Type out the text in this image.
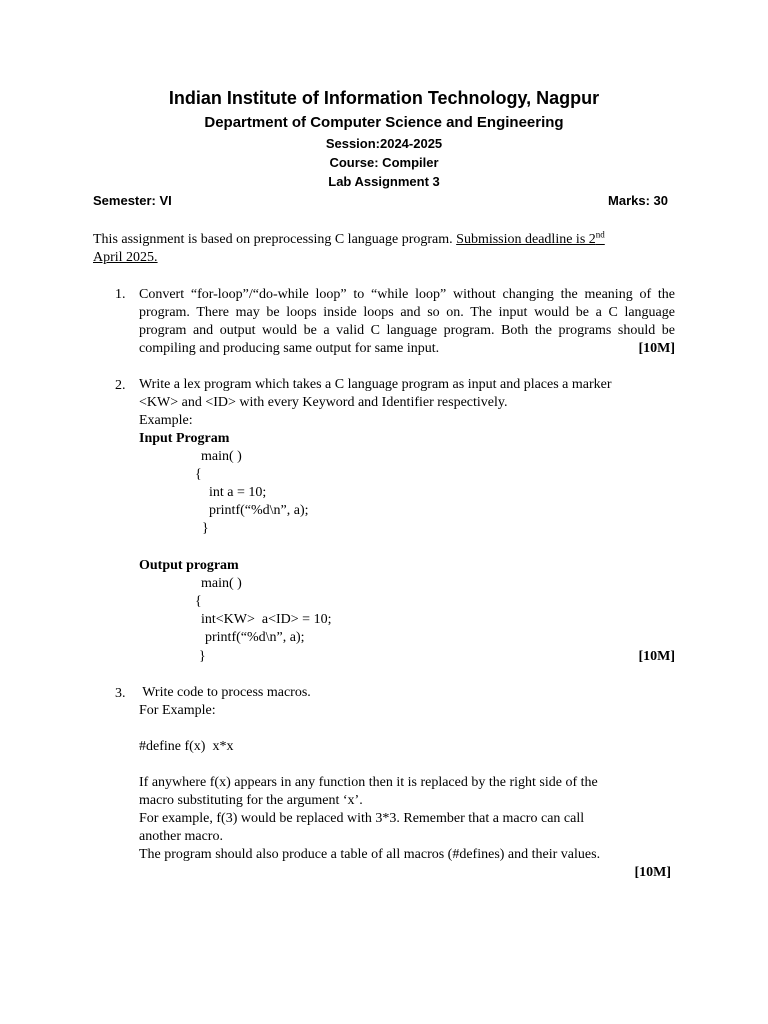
Indian Institute of Information Technology, Nagpur
Department of Computer Science and Engineering
Session:2024-2025
Course: Compiler
Lab Assignment 3
Semester: VI	Marks: 30
This assignment is based on preprocessing C language program. Submission deadline is 2nd
April 2025.
1. Convert “for-loop”/“do-while loop” to “while loop” without changing the meaning of the program. There may be loops inside loops and so on. The input would be a C language program and output would be a valid C language program. Both the programs should be compiling and producing same output for same input.	[10M]
2. Write a lex program which takes a C language program as input and places a marker
<KW> and <ID> with every Keyword and Identifier respectively.
Example:
Input Program
main( )
{
int a = 10;
printf(“%d\n”, a);
}
Output program
main( )
{
int<KW>  a<ID> = 10;
printf(“%d\n”, a);
}	[10M]
3. Write code to process macros.
For Example:
#define f(x)  x*x
If anywhere f(x) appears in any function then it is replaced by the right side of the
macro substituting for the argument ‘x’.
For example, f(3) would be replaced with 3*3. Remember that a macro can call
another macro.
The program should also produce a table of all macros (#defines) and their values.
[10M]
